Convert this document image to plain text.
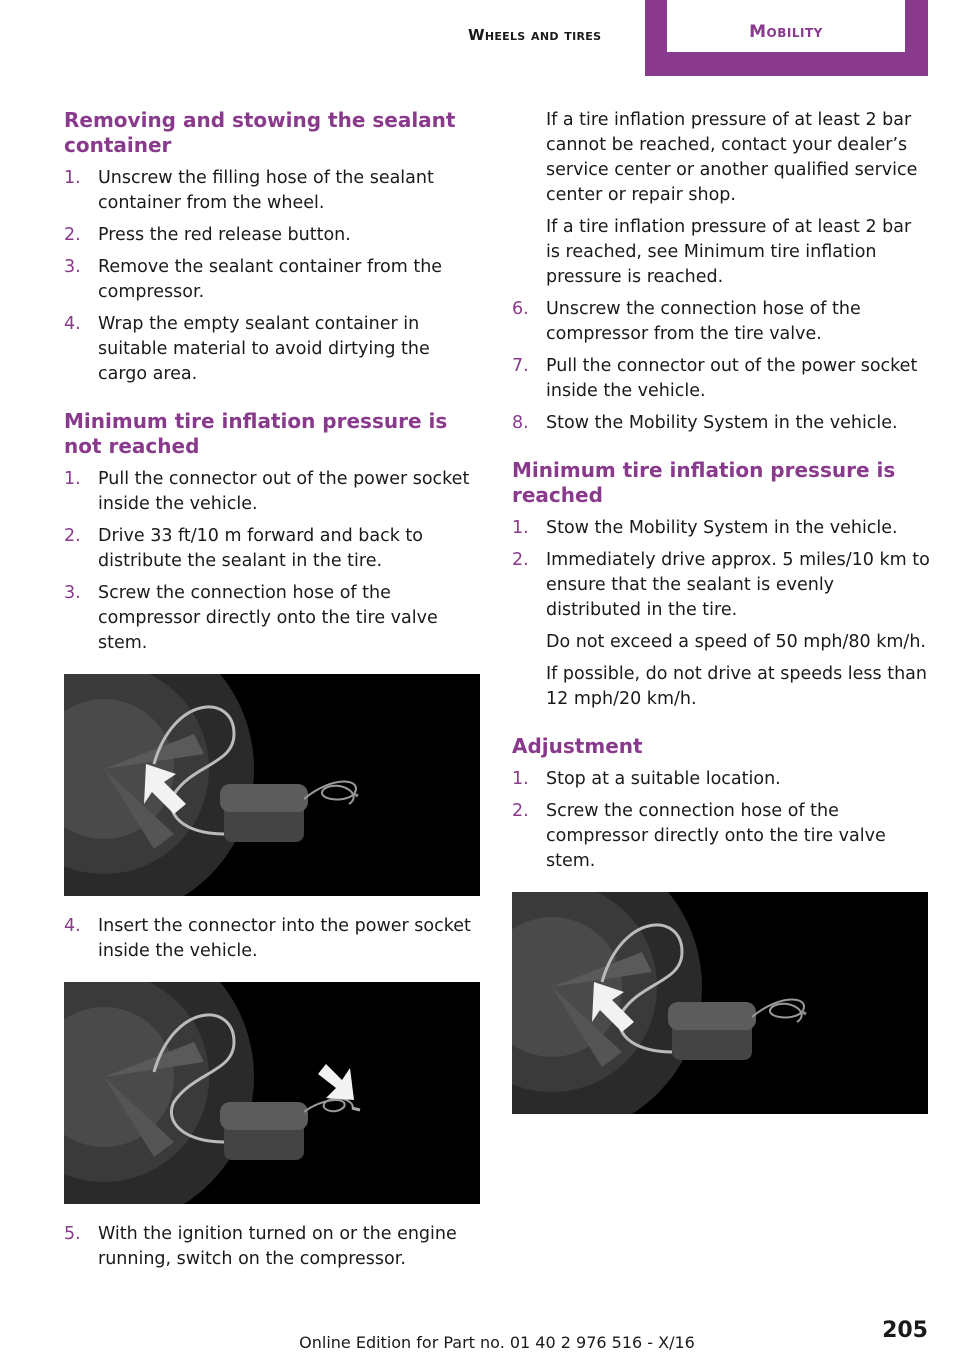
Wheels and tires	Mobility
Removing and stowing the sealant container
1. Unscrew the filling hose of the sealant container from the wheel.

2. Press the red release button.

3. Remove the sealant container from the compressor.

4. Wrap the empty sealant container in suitable material to avoid dirtying the cargo area.

Minimum tire inflation pressure is not reached
1. Pull the connector out of the power socket inside the vehicle.

2. Drive 33 ft/10 m forward and back to distribute the sealant in the tire.

3. Screw the connection hose of the compressor directly onto the tire valve stem.

4. Insert the connector into the power socket inside the vehicle.

5. With the ignition turned on or the engine running, switch on the compressor.

If a tire inflation pressure of at least 2 bar cannot be reached, contact your dealer’s service center or another qualified service center or repair shop.

If a tire inflation pressure of at least 2 bar is reached, see Minimum tire inflation pressure is reached.

6. Unscrew the connection hose of the compressor from the tire valve.

7. Pull the connector out of the power socket inside the vehicle.

8. Stow the Mobility System in the vehicle.

Minimum tire inflation pressure is reached
1. Stow the Mobility System in the vehicle.

2. Immediately drive approx. 5 miles/10 km to ensure that the sealant is evenly distributed in the tire.

Do not exceed a speed of 50 mph/80 km/h.

If possible, do not drive at speeds less than 12 mph/20 km/h.

Adjustment
1. Stop at a suitable location.

2. Screw the connection hose of the compressor directly onto the tire valve stem.

Online Edition for Part no. 01 40 2 976 516 - X/16	205
